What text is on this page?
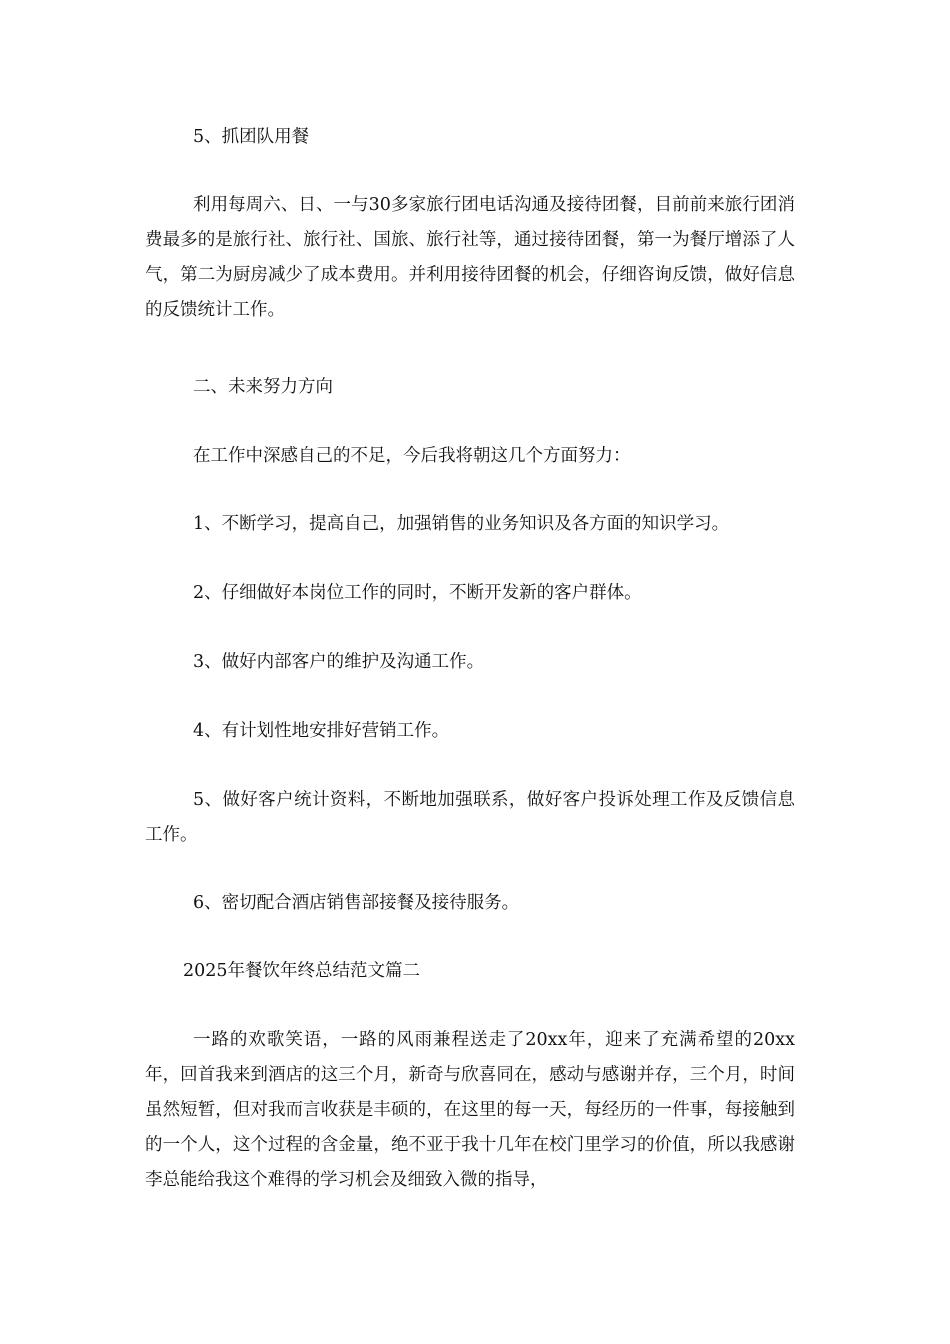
5、抓团队用餐
利用每周六、日、一与30多家旅行团电话沟通及接待团餐，目前前来旅行团消费最多的是旅行社、旅行社、国旅、旅行社等，通过接待团餐，第一为餐厅增添了人气，第二为厨房减少了成本费用。并利用接待团餐的机会，仔细咨询反馈，做好信息的反馈统计工作。
二、未来努力方向
在工作中深感自己的不足，今后我将朝这几个方面努力：
1、不断学习，提高自己，加强销售的业务知识及各方面的知识学习。
2、仔细做好本岗位工作的同时，不断开发新的客户群体。
3、做好内部客户的维护及沟通工作。
4、有计划性地安排好营销工作。
5、做好客户统计资料，不断地加强联系，做好客户投诉处理工作及反馈信息工作。
6、密切配合酒店销售部接餐及接待服务。
2025年餐饮年终总结范文篇二
一路的欢歌笑语，一路的风雨兼程送走了20xx年，迎来了充满希望的20xx年，回首我来到酒店的这三个月，新奇与欣喜同在，感动与感谢并存，三个月，时间虽然短暂，但对我而言收获是丰硕的，在这里的每一天，每经历的一件事，每接触到的一个人，这个过程的含金量，绝不亚于我十几年在校门里学习的价值，所以我感谢李总能给我这个难得的学习机会及细致入微的指导，
